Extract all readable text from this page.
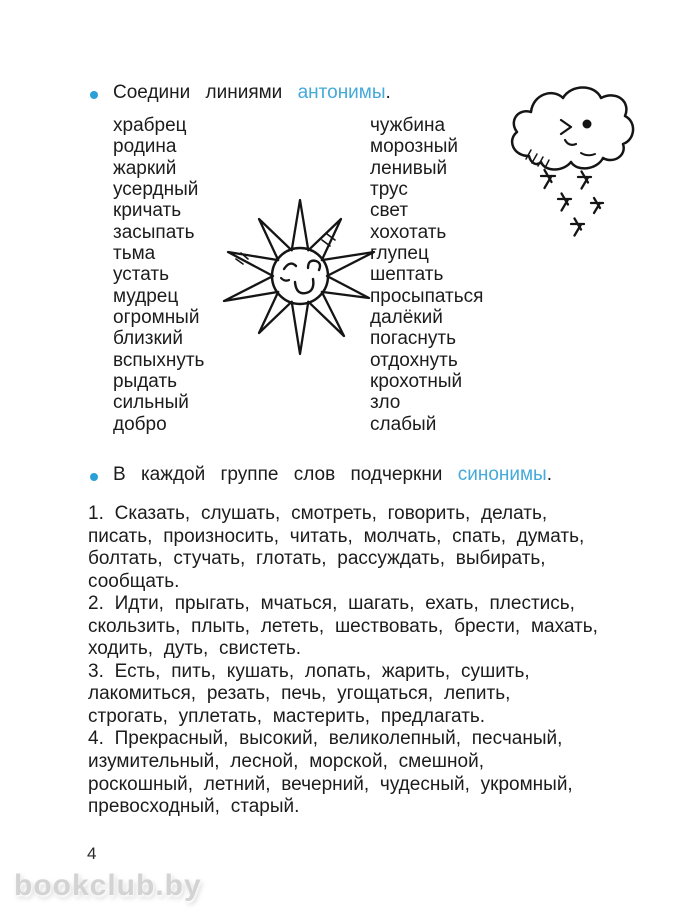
Соедини линиями антонимы.
храбрец
родина
жаркий
усердный
кричать
засыпать
тьма
устать
мудрец
огромный
близкий
вспыхнуть
рыдать
сильный
добро
чужбина
морозный
ленивый
трус
свет
хохотать
глупец
шептать
просыпаться
далёкий
погаснуть
отдохнуть
крохотный
зло
слабый
В каждой группе слов подчеркни синонимы.
1. Сказать, слушать, смотреть, говорить, делать,
писать, произносить, читать, молчать, спать, думать,
болтать, стучать, глотать, рассуждать, выбирать,
сообщать.
2. Идти, прыгать, мчаться, шагать, ехать, плестись,
скользить, плыть, лететь, шествовать, брести, махать,
ходить, дуть, свистеть.
3. Есть, пить, кушать, лопать, жарить, сушить,
лакомиться, резать, печь, угощаться, лепить,
строгать, уплетать, мастерить, предлагать.
4. Прекрасный, высокий, великолепный, песчаный,
изумительный, лесной, морской, смешной,
роскошный, летний, вечерний, чудесный, укромный,
превосходный, старый.
4
bookclub.by
